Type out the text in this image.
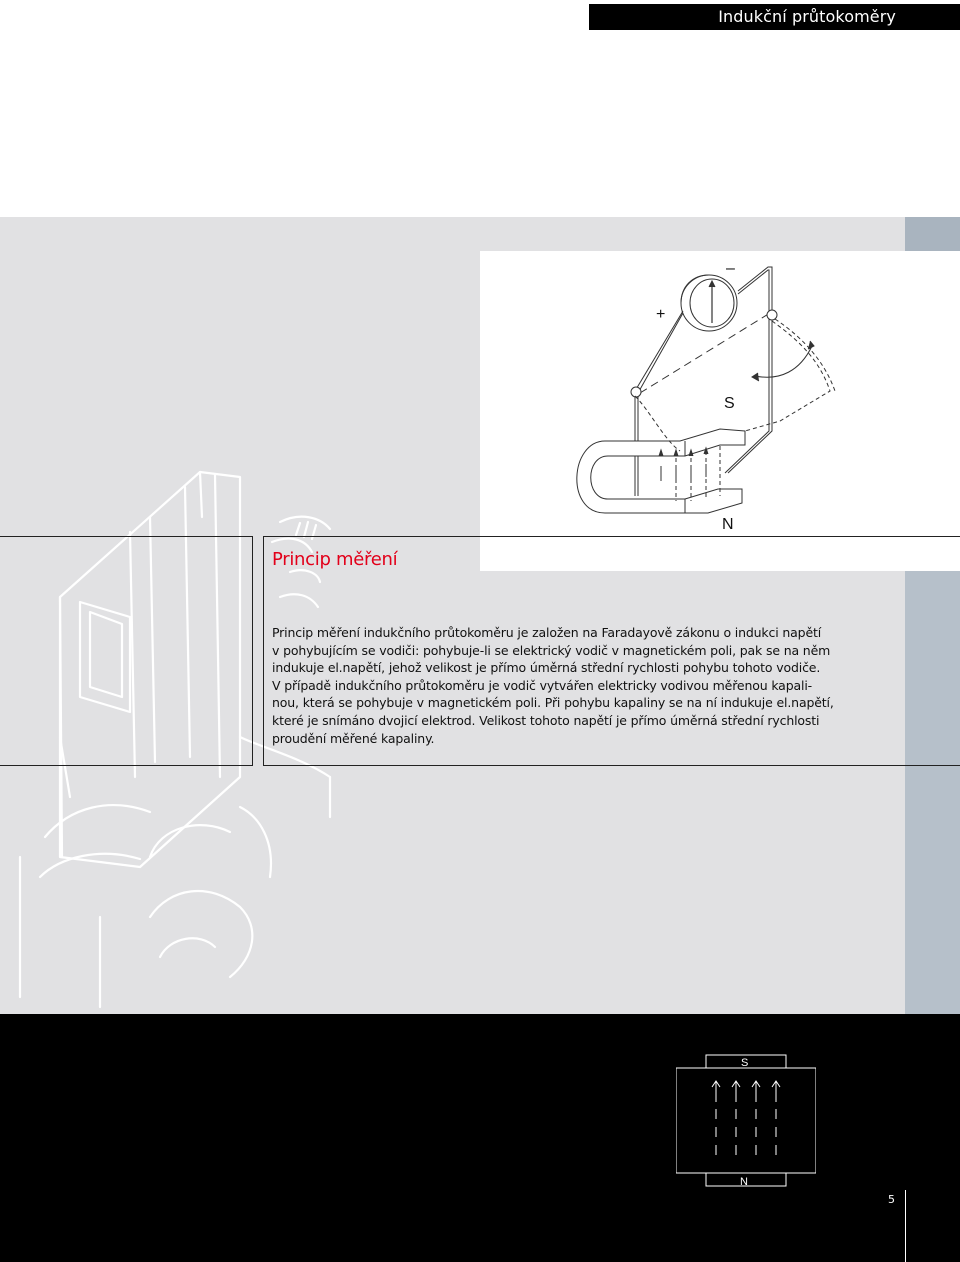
Indukční průtokoměry
+
–
S
N
Princip měření

Princip měření indukčního průtokoměru je založen na Faradayově zákonu o indukci napětí

v pohybujícím se vodiči: pohybuje-li se elektrický vodič v magnetickém poli, pak se na něm

indukuje el.napětí, jehož velikost je přímo úměrná střední rychlosti pohybu tohoto vodiče.

V případě indukčního průtokoměru je vodič vytvářen elektricky vodivou měřenou kapali-

nou, která se pohybuje v magnetickém poli. Při pohybu kapaliny se na ní indukuje el.napětí,

které je snímáno dvojicí elektrod. Velikost tohoto napětí je přímo úměrná střední rychlosti

proudění měřené kapaliny.

S
N
5
